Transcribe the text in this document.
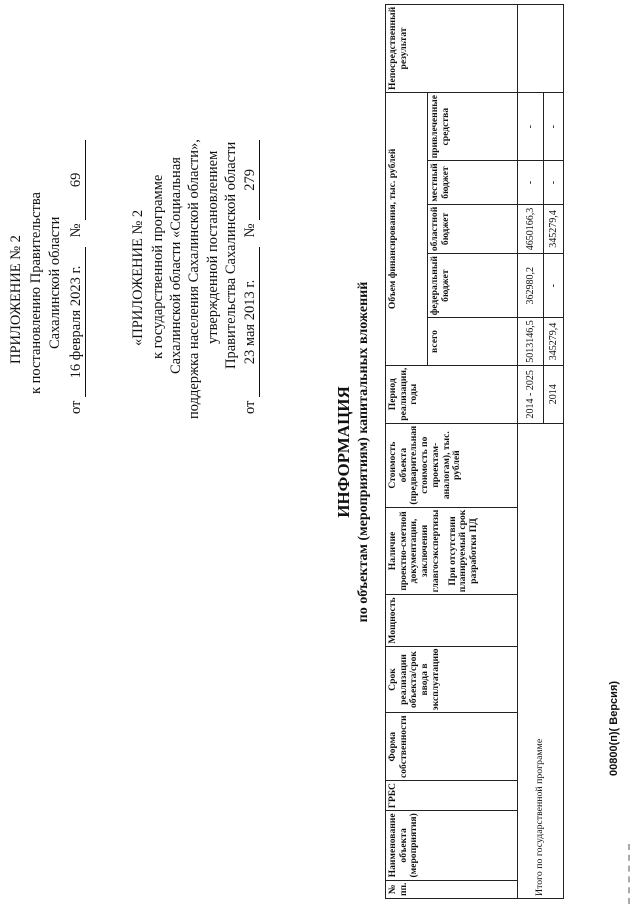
ПРИЛОЖЕНИЕ № 2 к постановлению Правительства Сахалинской области
от 16 февраля 2023 г. № 69
«ПРИЛОЖЕНИЕ № 2 к государственной программе Сахалинской области «Социальная поддержка населения Сахалинской области», утвержденной постановлением Правительства Сахалинской области
от 23 мая 2013 г. № 279
ИНФОРМАЦИЯ по объектам (мероприятиям) капитальных вложений
№ пп.	Наименование объекта (мероприятия)	ГРБС	Форма собственности	Срок реализации объекта/срок ввода в эксплуатацию	Мощность	Наличие проектно-сметной документации, заключения главгосэкспертизы При отсутствии планируемый срок разработки ПД	Стоимость объекта (предварительная стоимость по проектам-аналогам), тыс. рублей	Период реализации, годы	Объем финансирования, тыс. рублей					Непосредственный результат
									всего	федеральный бюджет	областной бюджет	местный бюджет	привлеченные средства	
Итого по государственной программе								2014 - 2025	5013146,5	362980,2	4650166,3	-	-	
								2014	345279,4	-	345279,4	-	-	
00800(п)( Версия)
